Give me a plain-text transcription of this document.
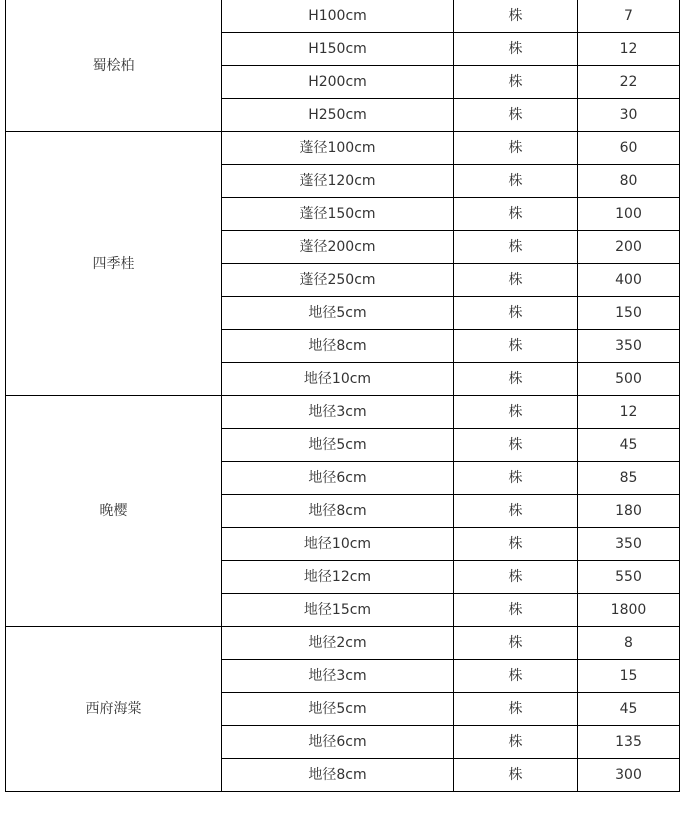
蜀桧柏	H100cm	株	7
	H150cm	株	12
	H200cm	株	22
	H250cm	株	30
四季桂	蓬径100cm	株	60
	蓬径120cm	株	80
	蓬径150cm	株	100
	蓬径200cm	株	200
	蓬径250cm	株	400
	地径5cm	株	150
	地径8cm	株	350
	地径10cm	株	500
晚樱	地径3cm	株	12
	地径5cm	株	45
	地径6cm	株	85
	地径8cm	株	180
	地径10cm	株	350
	地径12cm	株	550
	地径15cm	株	1800
西府海棠	地径2cm	株	8
	地径3cm	株	15
	地径5cm	株	45
	地径6cm	株	135
	地径8cm	株	300
